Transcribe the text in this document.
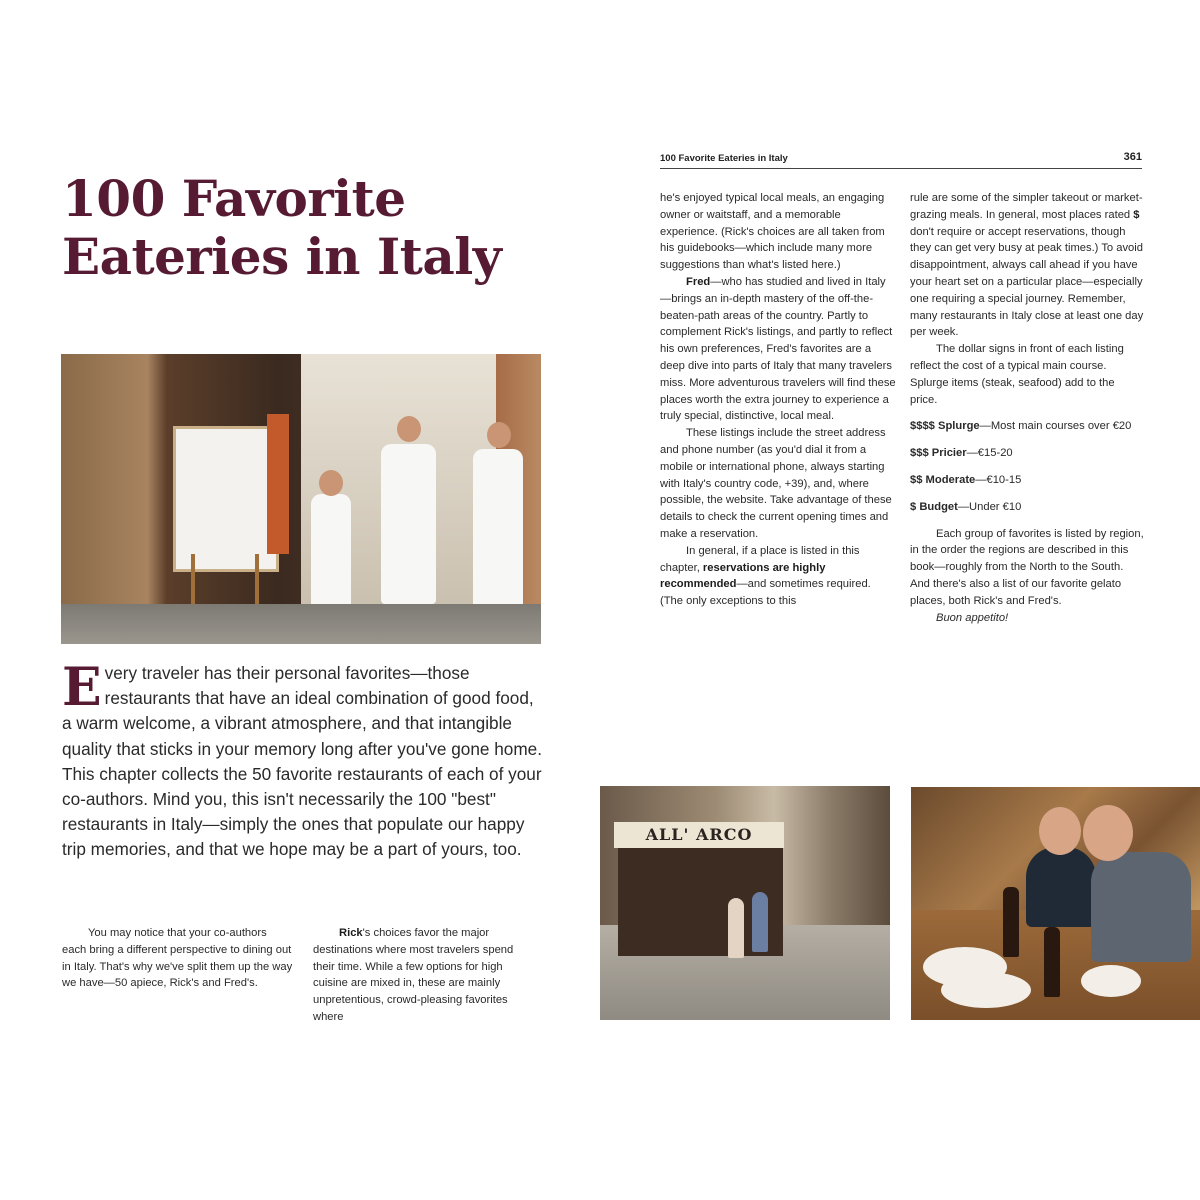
100 Favorite Eateries in Italy	361
100 Favorite
Eateries in Italy

Every traveler has their personal favorites—those restaurants that have an ideal combination of good food, a warm welcome, a vibrant atmosphere, and that intangible quality that sticks in your memory long after you've gone home. This chapter collects the 50 favorite restaurants of each of your co-authors. Mind you, this isn't necessarily the 100 "best" restaurants in Italy—simply the ones that populate our happy trip memories, and that we hope may be a part of yours, too.

You may notice that your co-authors each bring a different perspective to dining out in Italy. That's why we've split them up the way we have—50 apiece, Rick's and Fred's.

Rick's choices favor the major destinations where most travelers spend their time. While a few options for high cuisine are mixed in, these are mainly unpretentious, crowd-pleasing favorites where

he's enjoyed typical local meals, an engaging owner or waitstaff, and a memorable experience. (Rick's choices are all taken from his guidebooks—which include many more suggestions than what's listed here.)

Fred—who has studied and lived in Italy—brings an in-depth mastery of the off-the-beaten-path areas of the country. Partly to complement Rick's listings, and partly to reflect his own preferences, Fred's favorites are a deep dive into parts of Italy that many travelers miss. More adventurous travelers will find these places worth the extra journey to experience a truly special, distinctive, local meal.

These listings include the street address and phone number (as you'd dial it from a mobile or international phone, always starting with Italy's country code, +39), and, where possible, the website. Take advantage of these details to check the current opening times and make a reservation.

In general, if a place is listed in this chapter, reservations are highly recommended—and sometimes required. (The only exceptions to this

rule are some of the simpler takeout or market-grazing meals. In general, most places rated $ don't require or accept reservations, though they can get very busy at peak times.) To avoid disappointment, always call ahead if you have your heart set on a particular place—especially one requiring a special journey. Remember, many restaurants in Italy close at least one day per week.

The dollar signs in front of each listing reflect the cost of a typical main course. Splurge items (steak, seafood) add to the price.

$$$$ Splurge—Most main courses over €20

$$$ Pricier—€15-20

$$ Moderate—€10-15

$ Budget—Under €10

Each group of favorites is listed by region, in the order the regions are described in this book—roughly from the North to the South. And there's also a list of our favorite gelato places, both Rick's and Fred's.

Buon appetito!

ALL' ARCO
